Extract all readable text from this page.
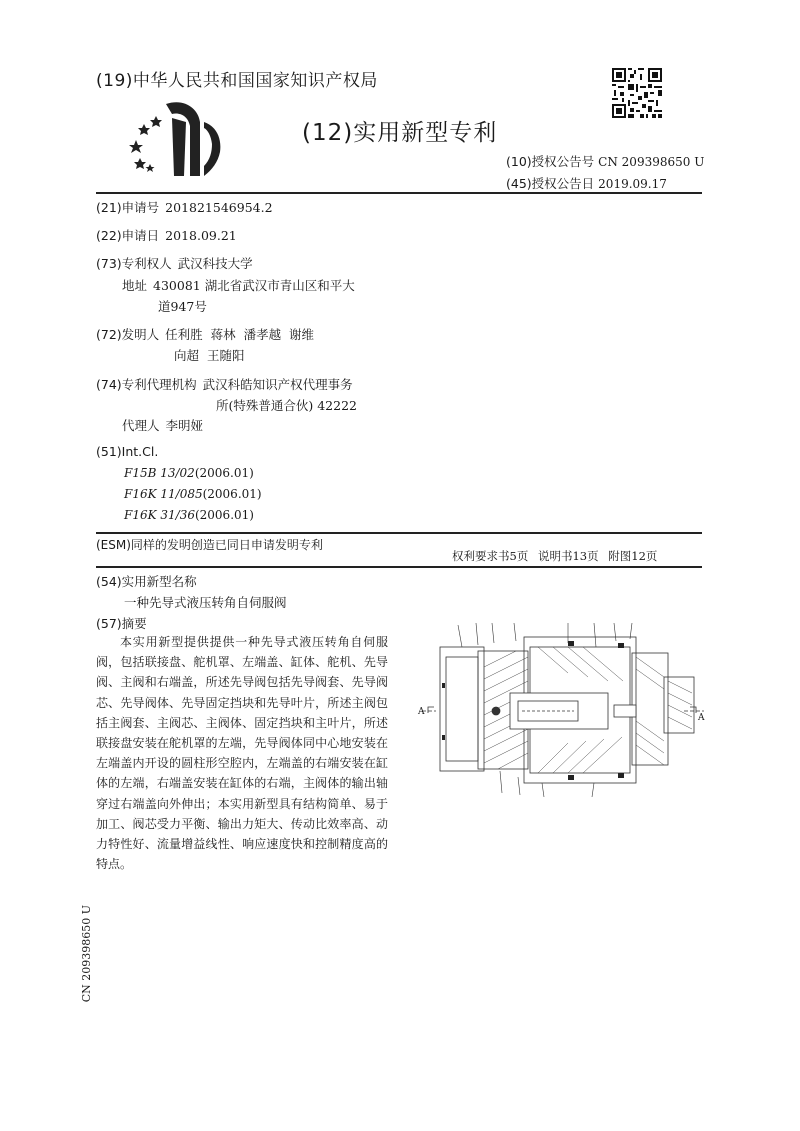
(19)中华人民共和国国家知识产权局
(12)实用新型专利
(10)授权公告号 CN 209398650 U
(45)授权公告日 2019.09.17
(21)申请号 201821546954.2
(22)申请日 2018.09.21
(73)专利权人 武汉科技大学
地址 430081 湖北省武汉市青山区和平大
道947号
(72)发明人 任利胜  蒋林  潘孝越  谢维
向超  王随阳
(74)专利代理机构 武汉科皓知识产权代理事务
所(特殊普通合伙) 42222
代理人 李明娅
(51)Int.Cl.
F15B 13/02(2006.01)
F16K 11/085(2006.01)
F16K 31/36(2006.01)
(ESM)同样的发明创造已同日申请发明专利
权利要求书5页 说明书13页 附图12页
(54)实用新型名称
一种先导式液压转角自伺服阀
(57)摘要

本实用新型提供提供一种先导式液压转角自伺服阀，包括联接盘、舵机罩、左端盖、缸体、舵机、先导阀、主阀和右端盖，所述先导阀包括先导阀套、先导阀芯、先导阀体、先导固定挡块和先导叶片，所述主阀包括主阀套、主阀芯、主阀体、固定挡块和主叶片，所述联接盘安装在舵机罩的左端，先导阀体同中心地安装在左端盖内开设的圆柱形空腔内，左端盖的右端安装在缸体的左端，右端盖安装在缸体的右端，主阀体的输出轴穿过右端盖向外伸出；本实用新型具有结构简单、易于加工、阀芯受力平衡、输出力矩大、传动比效率高、动力特性好、流量增益线性、响应速度快和控制精度高的特点。

A
A
CN 209398650 U
